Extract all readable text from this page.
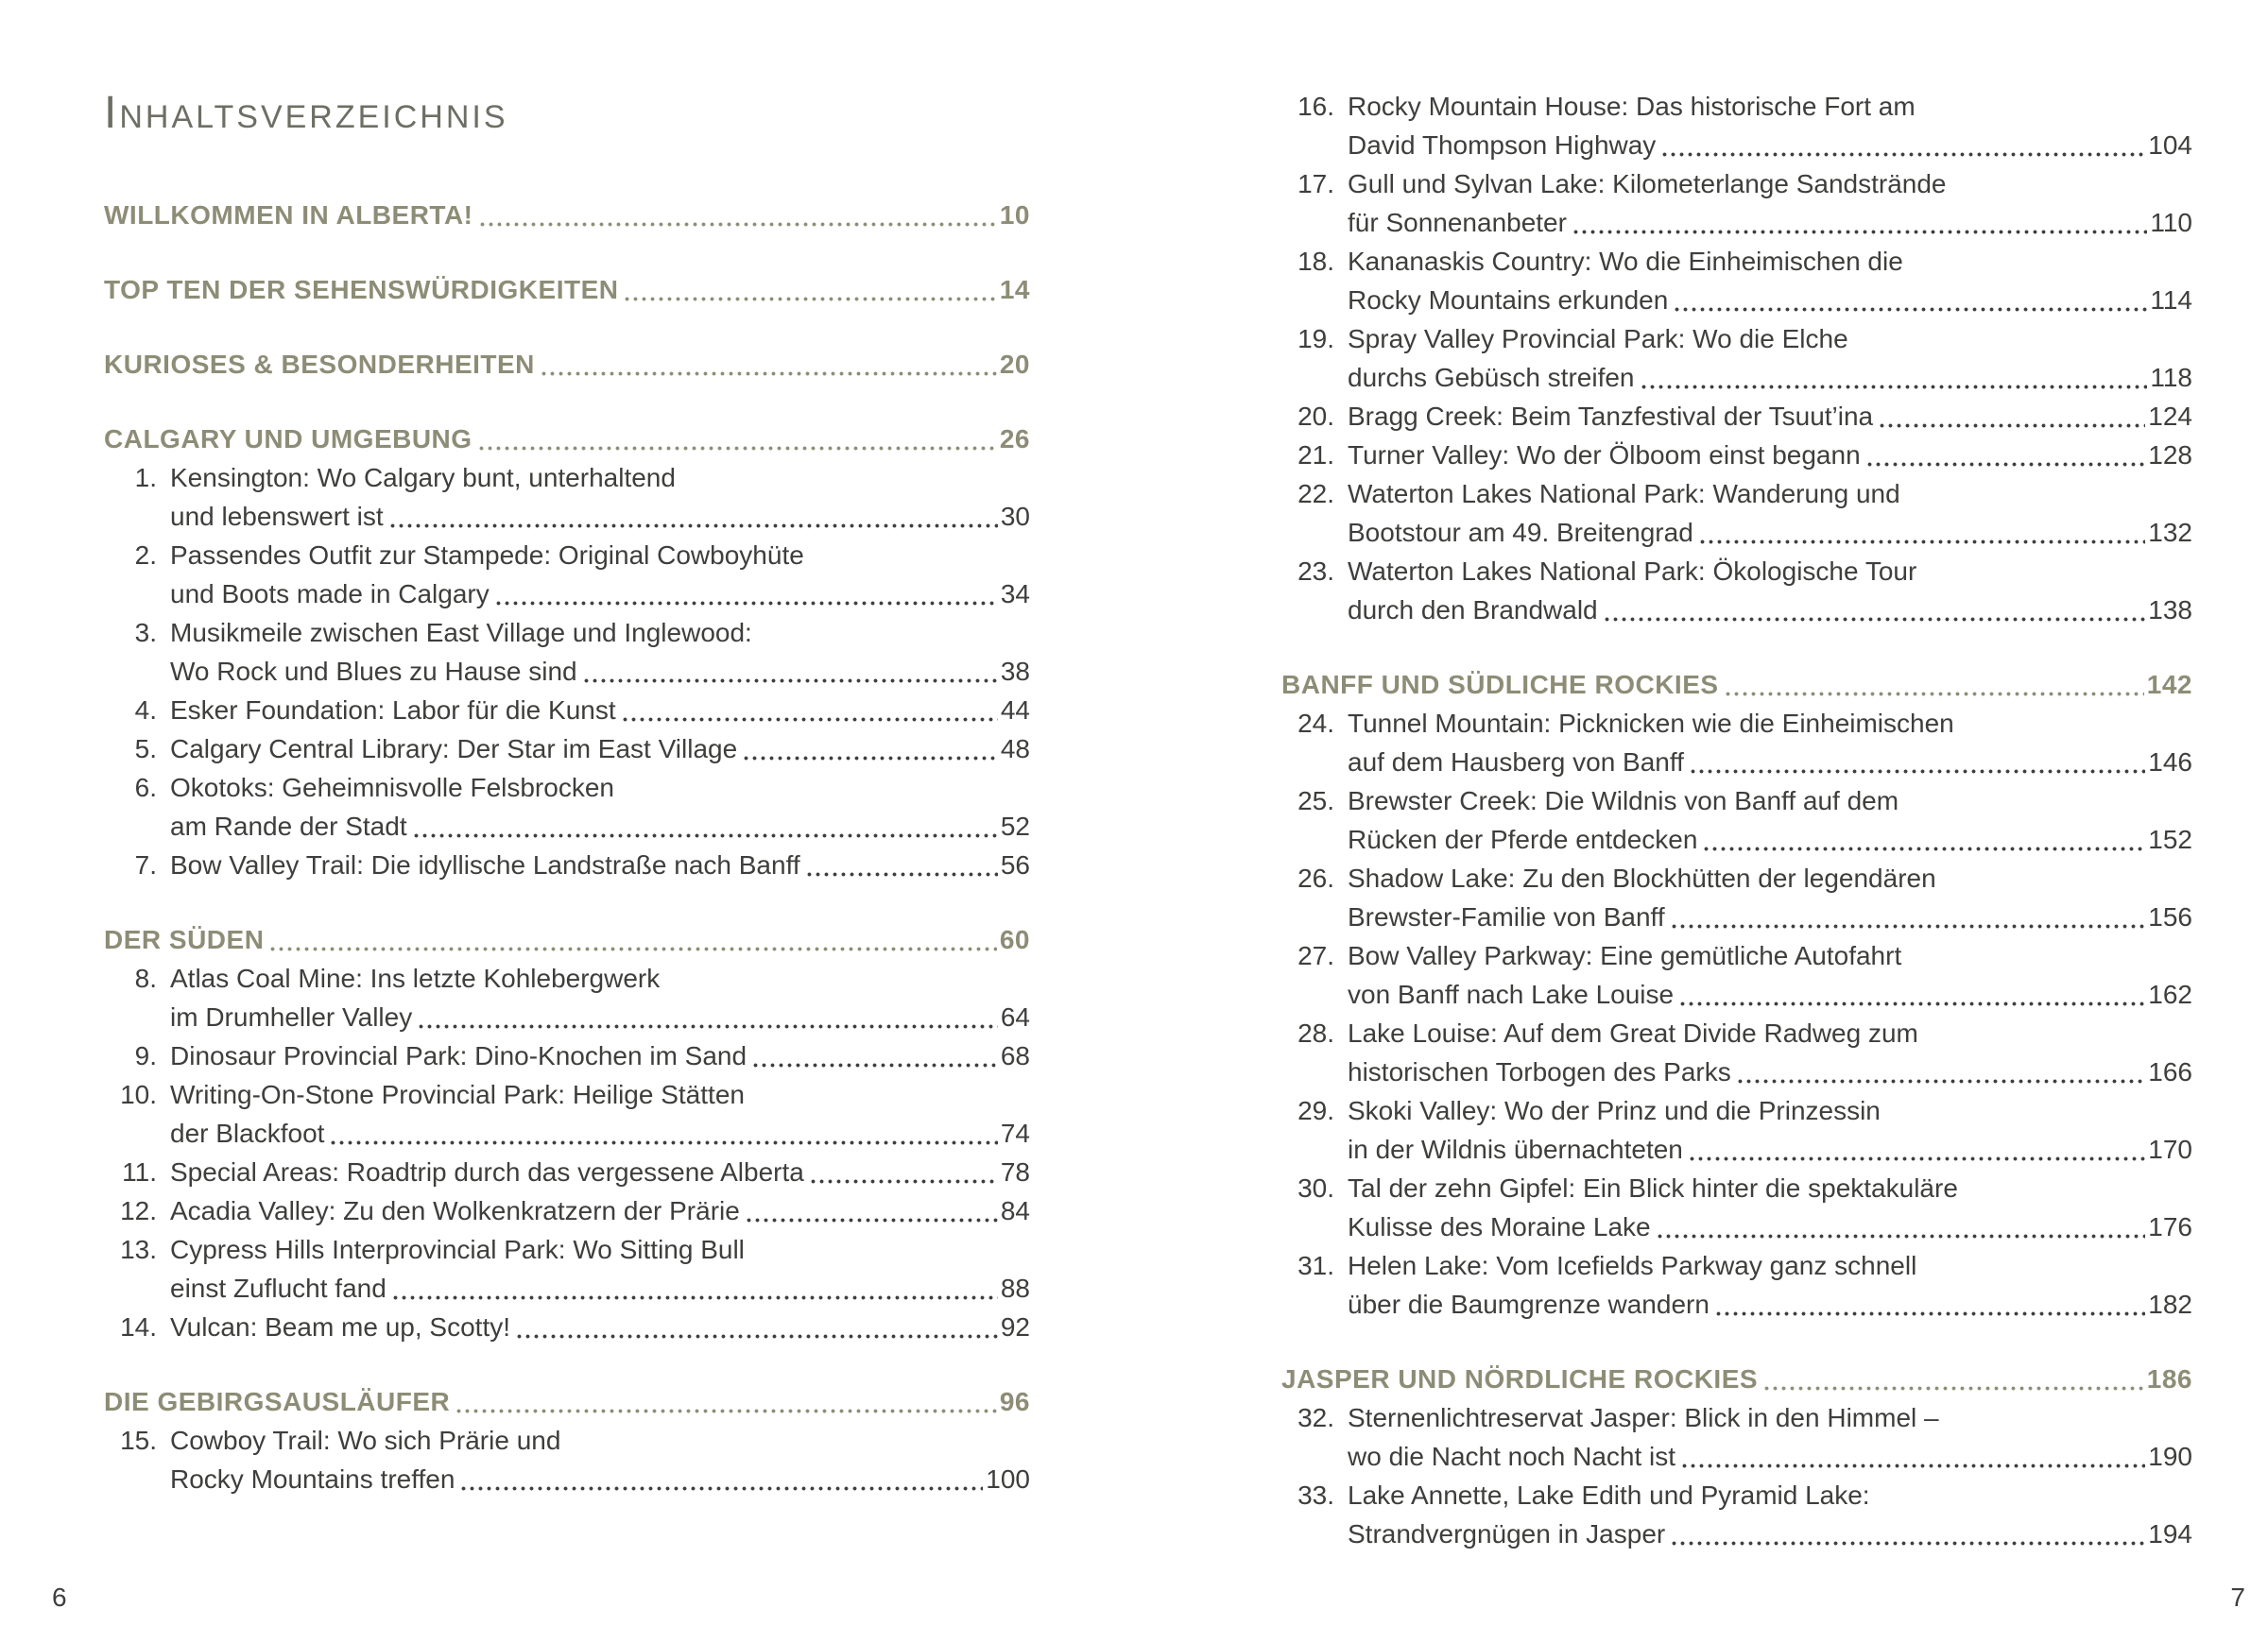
Inhaltsverzeichnis
WILLKOMMEN IN ALBERTA!	10
TOP TEN DER SEHENSWÜRDIGKEITEN	14
KURIOSES & BESONDERHEITEN	20
CALGARY UND UMGEBUNG	26
1. Kensington: Wo Calgary bunt, unterhaltend
und lebenswert ist	30
2. Passendes Outfit zur Stampede: Original Cowboyhüte
und Boots made in Calgary	34
3. Musikmeile zwischen East Village und Inglewood:
Wo Rock und Blues zu Hause sind	38
4. Esker Foundation: Labor für die Kunst	44
5. Calgary Central Library: Der Star im East Village	48
6. Okotoks: Geheimnisvolle Felsbrocken
am Rande der Stadt	52
7. Bow Valley Trail: Die idyllische Landstraße nach Banff	56
DER SÜDEN	60
8. Atlas Coal Mine: Ins letzte Kohlebergwerk
im Drumheller Valley	64
9. Dinosaur Provincial Park: Dino-Knochen im Sand	68
10. Writing-On-Stone Provincial Park: Heilige Stätten
der Blackfoot	74
11. Special Areas: Roadtrip durch das vergessene Alberta	78
12. Acadia Valley: Zu den Wolkenkratzern der Prärie	84
13. Cypress Hills Interprovincial Park: Wo Sitting Bull
einst Zuflucht fand	88
14. Vulcan: Beam me up, Scotty!	92
DIE GEBIRGSAUSLÄUFER	96
15. Cowboy Trail: Wo sich Prärie und
Rocky Mountains treffen	100
6
16. Rocky Mountain House: Das historische Fort am
David Thompson Highway	104
17. Gull und Sylvan Lake: Kilometerlange Sandstrände
für Sonnenanbeter	110
18. Kananaskis Country: Wo die Einheimischen die
Rocky Mountains erkunden	114
19. Spray Valley Provincial Park: Wo die Elche
durchs Gebüsch streifen	118
20. Bragg Creek: Beim Tanzfestival der Tsuut’ina	124
21. Turner Valley: Wo der Ölboom einst begann	128
22. Waterton Lakes National Park: Wanderung und
Bootstour am 49. Breitengrad	132
23. Waterton Lakes National Park: Ökologische Tour
durch den Brandwald	138
BANFF UND SÜDLICHE ROCKIES	142
24. Tunnel Mountain: Picknicken wie die Einheimischen
auf dem Hausberg von Banff	146
25. Brewster Creek: Die Wildnis von Banff auf dem
Rücken der Pferde entdecken	152
26. Shadow Lake: Zu den Blockhütten der legendären
Brewster-Familie von Banff	156
27. Bow Valley Parkway: Eine gemütliche Autofahrt
von Banff nach Lake Louise	162
28. Lake Louise: Auf dem Great Divide Radweg zum
historischen Torbogen des Parks	166
29. Skoki Valley: Wo der Prinz und die Prinzessin
in der Wildnis übernachteten	170
30. Tal der zehn Gipfel: Ein Blick hinter die spektakuläre
Kulisse des Moraine Lake	176
31. Helen Lake: Vom Icefields Parkway ganz schnell
über die Baumgrenze wandern	182
JASPER UND NÖRDLICHE ROCKIES	186
32. Sternenlichtreservat Jasper: Blick in den Himmel –
wo die Nacht noch Nacht ist	190
33. Lake Annette, Lake Edith und Pyramid Lake:
Strandvergnügen in Jasper	194
7
